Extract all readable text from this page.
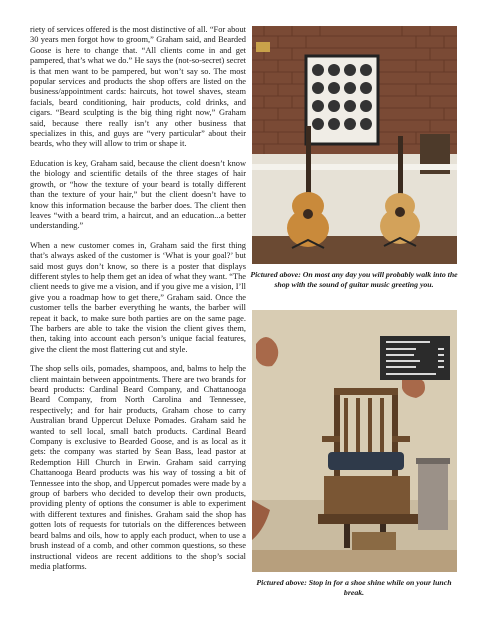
riety of services offered is the most distinctive of all. “For about 30 years men forgot how to groom,” Graham said, and Bearded Goose is here to change that. “All clients come in and get pampered, that’s what we do.” He says the (not-so-secret) secret is that men want to be pampered, but won’t say so. The most popular services and products the shop offers are listed on the business/appointment cards: haircuts, hot towel shaves, steam facials, beard conditioning, hair products, cold drinks, and cigars. “Beard sculpting is the big thing right now,” Graham said, because there really isn’t any other business that specializes in this, and guys are “very particular” about their beards, who they will allow to trim or shape it.

Education is key, Graham said, because the client doesn’t know the biology and scientific details of the three stages of hair growth, or “how the texture of your beard is totally different than the texture of your hair,” but the client doesn’t have to know this information because the barber does. The client then leaves “with a beard trim, a haircut, and an education...a better understanding.”

When a new customer comes in, Graham said the first thing that’s always asked of the customer is ‘What is your goal?’ but said most guys don’t know, so there is a poster that displays different styles to help them get an idea of what they want. “The client needs to give me a vision, and if you give me a vision, I’ll give you a roadmap how to get there,” Graham said. Once the customer tells the barber everything he wants, the barber will repeat it back, to make sure both parties are on the same page. The barbers are able to take the vision the client gives them, then, taking into account each person’s unique facial features, give the client the most flattering cut and style.

The shop sells oils, pomades, shampoos, and, balms to help the client maintain between appointments. There are two brands for beard products: Cardinal Beard Company, and Chattanooga Beard Company, from North Carolina and Tennessee, respectively; and for hair products, Graham chose to carry Australian brand Uppercut Deluxe Pomades. Graham said he wanted to sell local, small batch products. Cardinal Beard Company is exclusive to Bearded Goose, and is as local as it gets: the company was started by Sean Bass, lead pastor at Redemption Hill Church in Erwin. Graham said carrying Chattanooga Beard products was his way of tossing a bit of Tennessee into the shop, and Uppercut pomades were made by a group of barbers who decided to develop their own products, providing plenty of options the consumer is able to experiment with different textures and finishes. Graham said the shop has gotten lots of requests for tutorials on the differences between beard balms and oils, how to apply each product, when to use a brush instead of a comb, and other common questions, so these instructional videos are recent additions to the shop’s social media platforms.

Pictured above: On most any day you will probably walk into the shop with the sound of guitar music greeting you.
Pictured above: Stop in for a shoe shine while on your lunch break.
